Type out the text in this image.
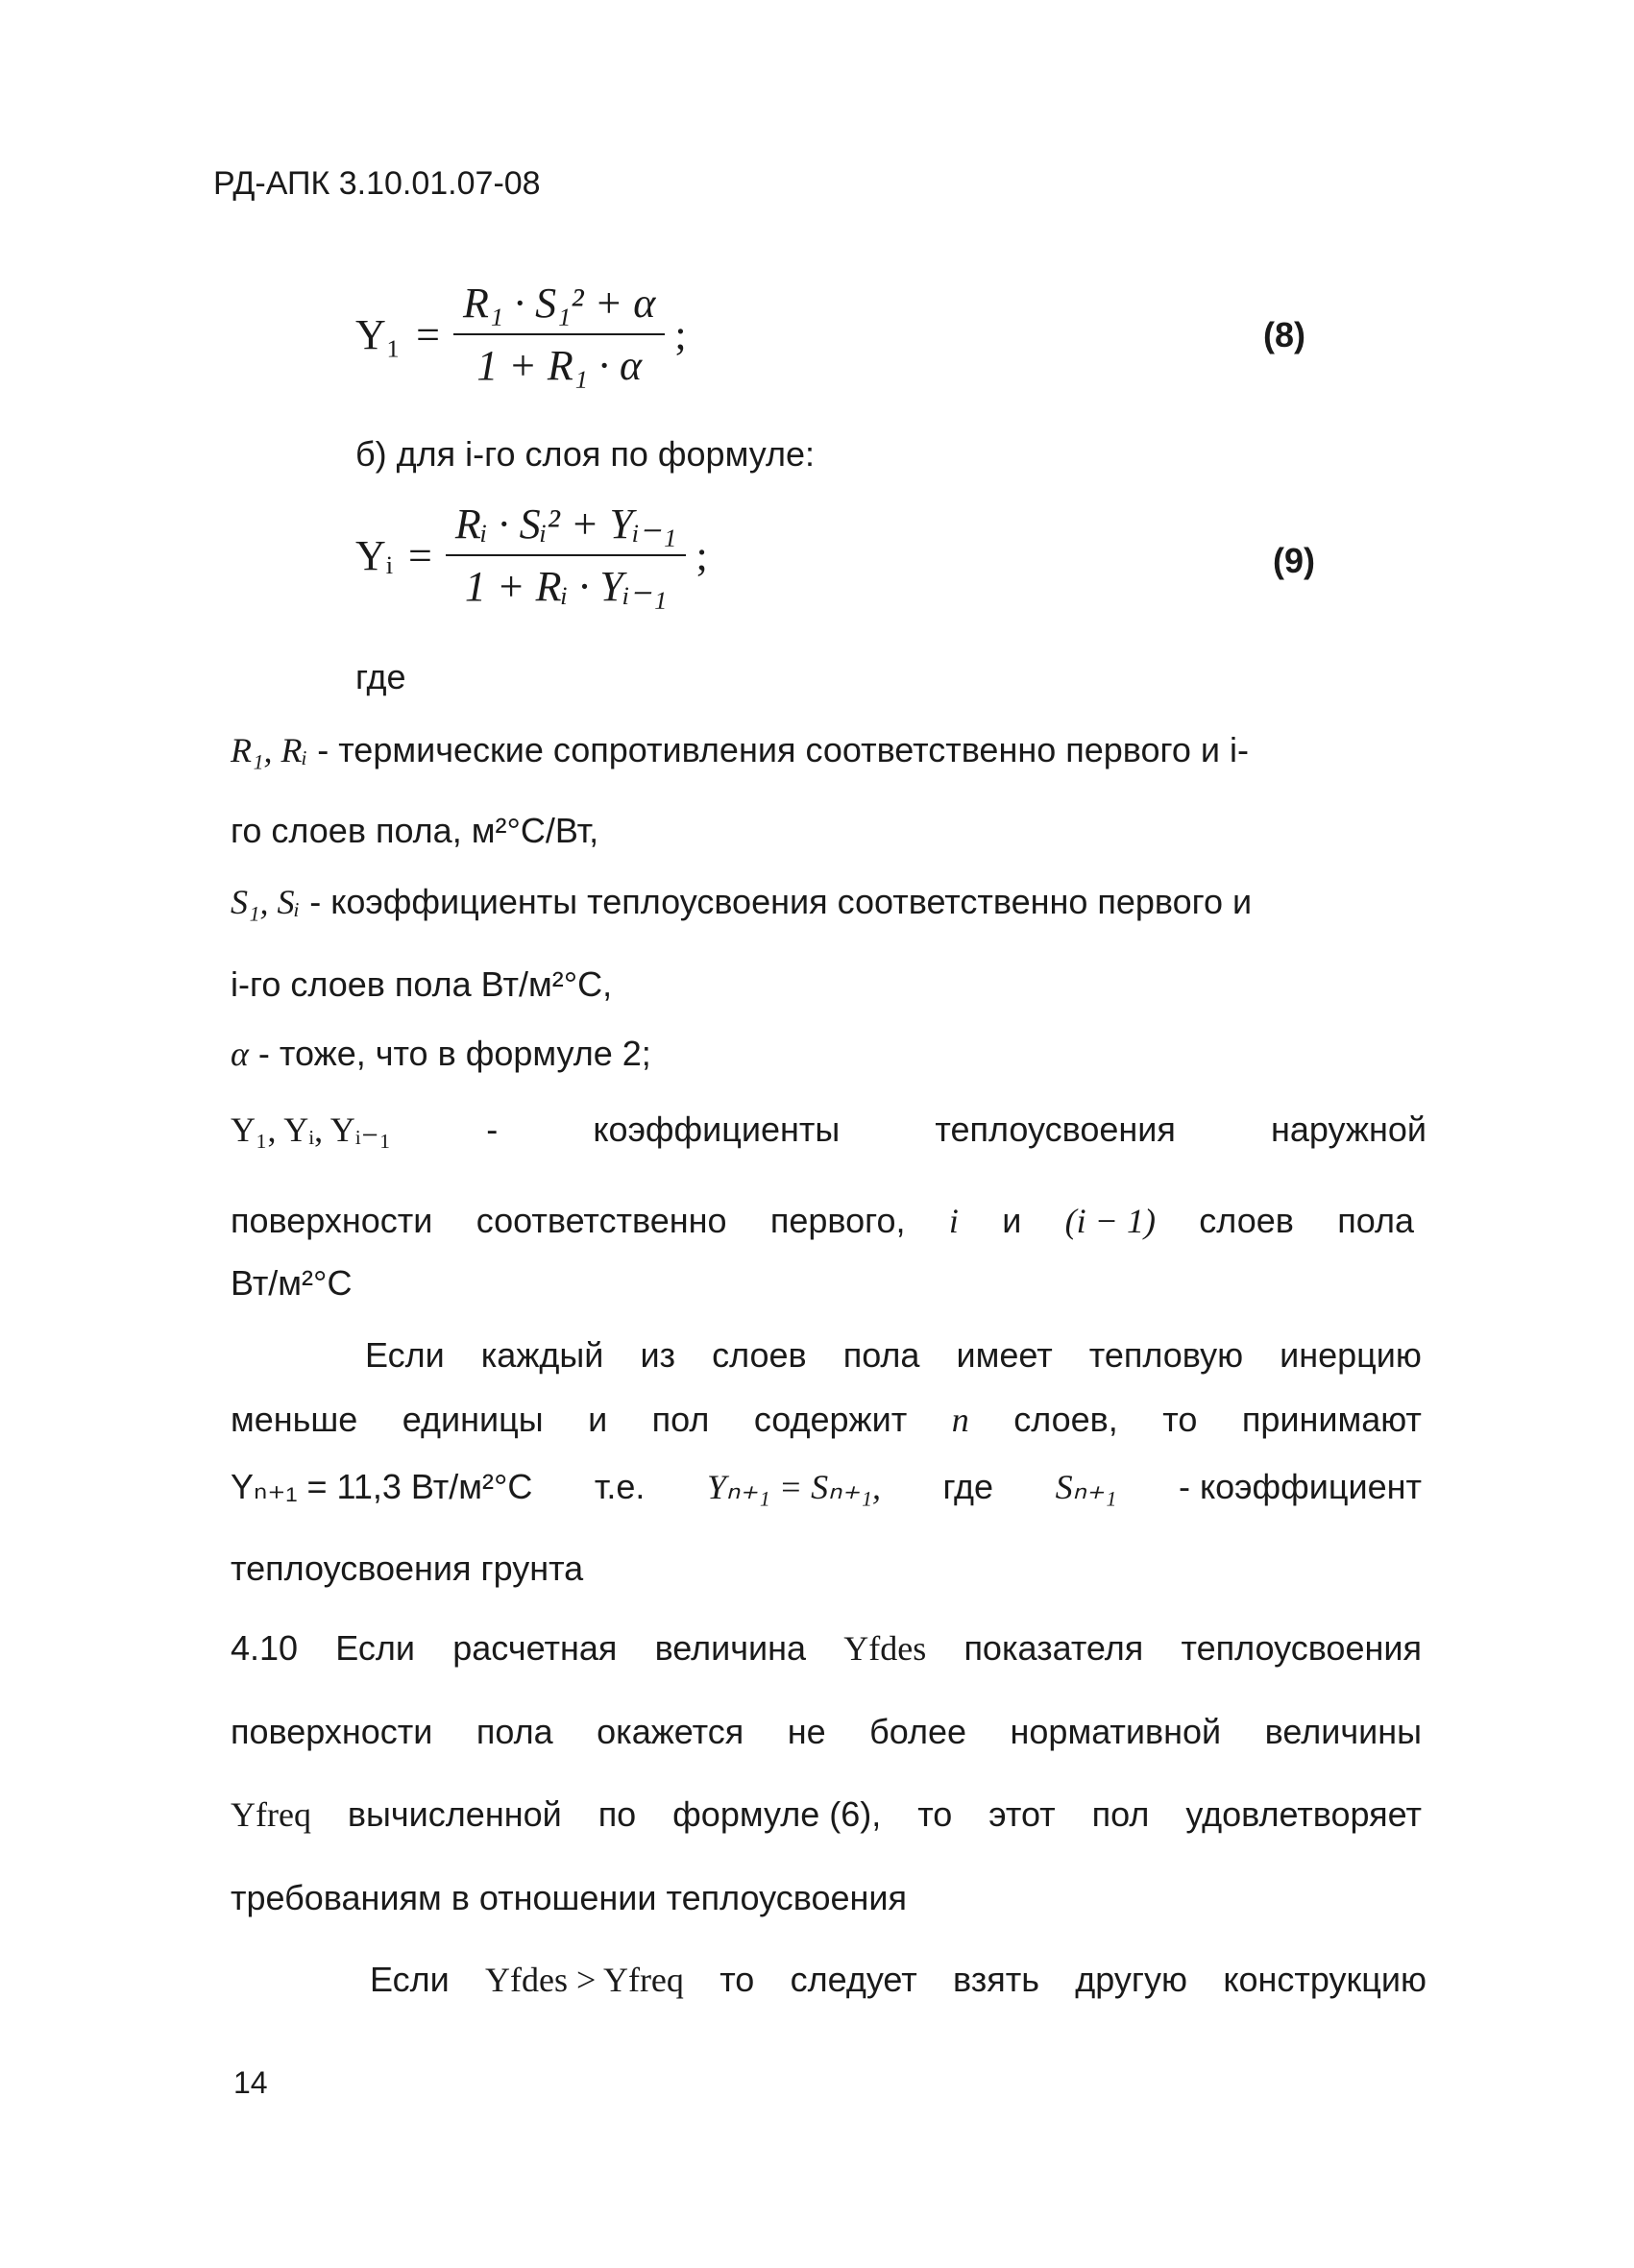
РД-АПК 3.10.01.07-08
$Y_1 = \frac{\text{R₁ · S₁² + α}}{\text{1 + R₁ · α}}$ ;	(8)
б) для i-го слоя по формуле:
Yᵢ = $\frac{\text{Rᵢ · Sᵢ² + Yᵢ₋₁}}{\text{1 + Rᵢ · Yᵢ₋₁}}$ ;	(9)
где
R₁, Rᵢ - термические сопротивления соответственно первого и i-
го слоев пола, м²°С/Вт,
S₁, Sᵢ - коэффициенты теплоусвоения соответственно первого и
i-го слоев пола Вт/м²°С,
α - тоже, что в формуле 2;
Y₁, Yᵢ, Yᵢ₋₁	-	коэффициенты	теплоусвоения	наружной
поверхности соответственно первого, i и (i − 1) слоев пола
Вт/м²°С
Если каждый из слоев пола имеет тепловую инерцию
меньше единицы и пол содержит n слоев, то принимают
Yₙ₊₁ = 11,3 Вт/м²°С т.е. Yₙ₊₁ = Sₙ₊₁, где Sₙ₊₁ - коэффициент
теплоусвоения грунта
4.10 Если расчетная величина Yfdes показателя теплоусвоения
поверхности пола окажется не более нормативной величины
Yfreq вычисленной по формуле (6), то этот пол удовлетворяет
требованиям в отношении теплоусвоения
Если Yfdes > Yfreq то следует взять другую конструкцию
14
